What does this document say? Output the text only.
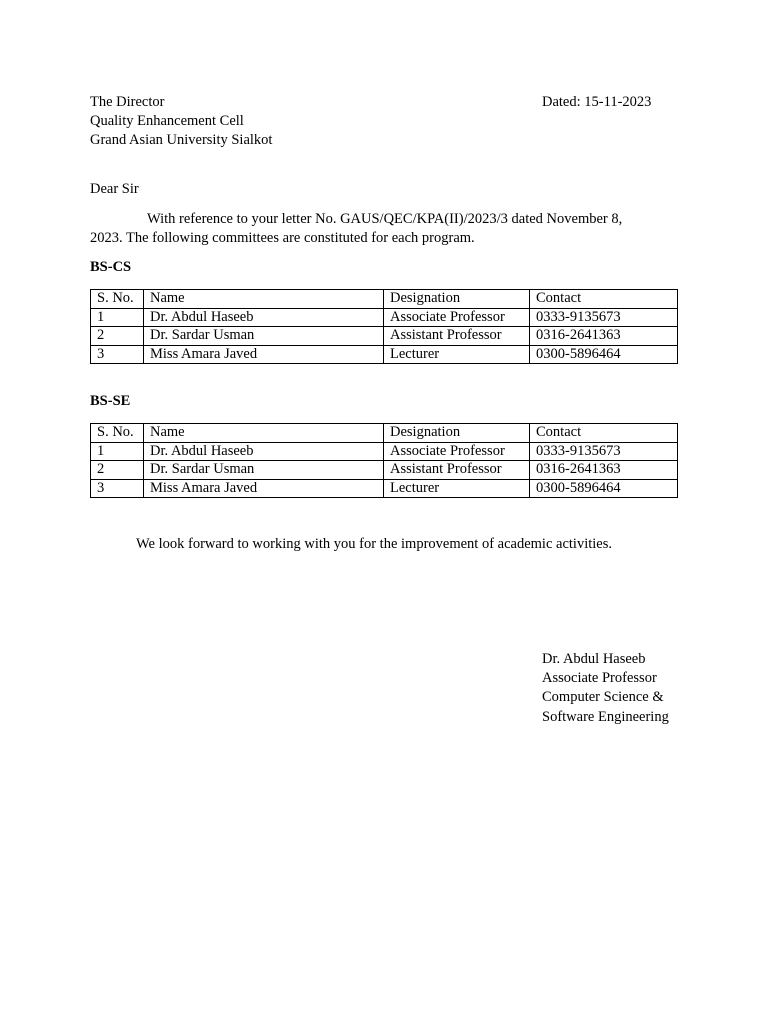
The Director
Quality Enhancement Cell
Grand Asian University Sialkot
Dated: 15-11-2023
Dear Sir
With reference to your letter No. GAUS/QEC/KPA(II)/2023/3 dated November 8,
2023. The following committees are constituted for each program.
BS-CS
S. No.	Name	Designation	Contact
1	Dr. Abdul Haseeb	Associate Professor	0333-9135673
2	Dr. Sardar Usman	Assistant Professor	0316-2641363
3	Miss Amara Javed	Lecturer	0300-5896464
BS-SE
S. No.	Name	Designation	Contact
1	Dr. Abdul Haseeb	Associate Professor	0333-9135673
2	Dr. Sardar Usman	Assistant Professor	0316-2641363
3	Miss Amara Javed	Lecturer	0300-5896464
We look forward to working with you for the improvement of academic activities.
Dr. Abdul Haseeb
Associate Professor
Computer Science &
Software Engineering
